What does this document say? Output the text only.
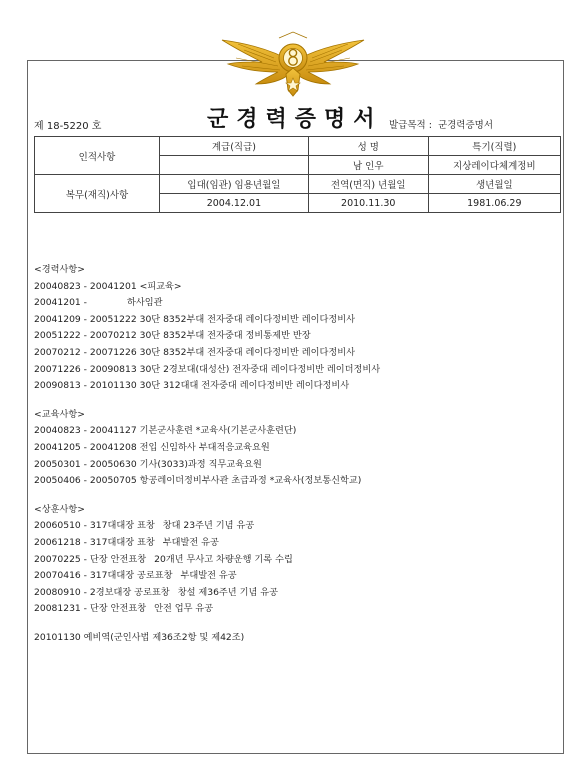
제 18-5220 호	군경력증명서 발급목적 : 군경력증명서
인적사항	계급(직급)	성 명	특기(직렬)
		남 인우	지상레이다체계정비
복무(재직)사항	입대(임관) 임용년월일	전역(면직) 년월일	생년월일
	2004.12.01	2010.11.30	1981.06.29
<경력사항>
20040823 - 20041201 <피교육>
20041201 -	하사임관
20041209 - 20051222 30단 8352부대 전자중대 레이다정비반 레이다정비사
20051222 - 20070212 30단 8352부대 전자중대 정비통제반 반장
20070212 - 20071226 30단 8352부대 전자중대 레이다정비반 레이다정비사
20071226 - 20090813 30단 2경보대(대성산) 전자중대 레이다정비반 레이더정비사
20090813 - 20101130 30단 312대대 전자중대 레이다정비반 레이다정비사
<교육사항>
20040823 - 20041127 기본군사훈련 *교육사(기본군사훈련단)
20041205 - 20041208 전입 신임하사 부대적응교육요원
20050301 - 20050630 기사(3033)과정 직무교육요원
20050406 - 20050705 항공레이더정비부사관 초급과정 *교육사(정보통신학교)
<상훈사항>
20060510 - 317대대장 표창 창대 23주년 기념 유공
20061218 - 317대대장 표창 부대발전 유공
20070225 - 단장 안전표창 20개년 무사고 차량운행 기록 수립
20070416 - 317대대장 공로표창 부대발전 유공
20080910 - 2경보대장 공로표창 창설 제36주년 기념 유공
20081231 - 단장 안전표창 안전 업무 유공
20101130 예비역(군인사법 제36조2항 및 제42조)
